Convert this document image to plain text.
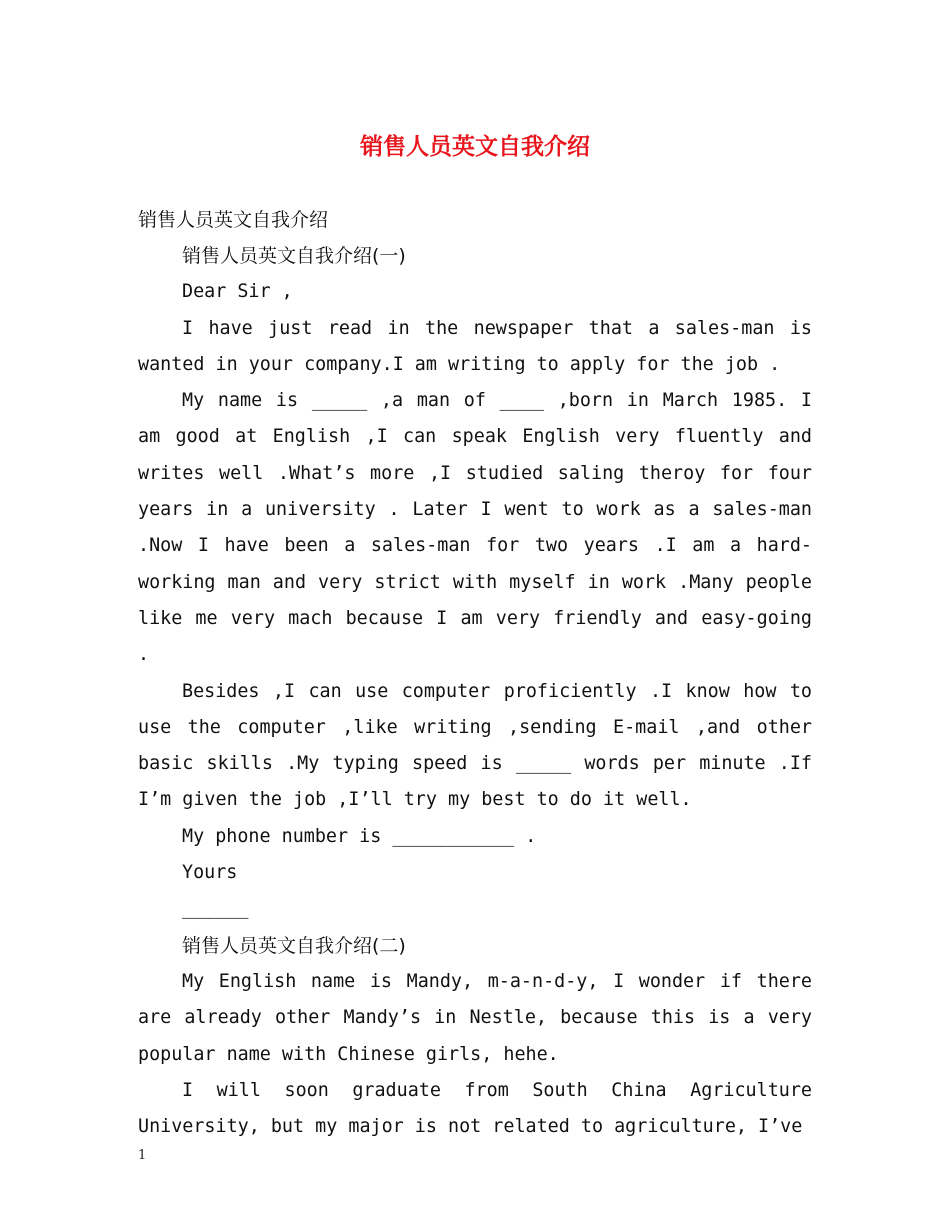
销售人员英文自我介绍
销售人员英文自我介绍

销售人员英文自我介绍(一)

Dear Sir ,

I have just read in the newspaper that a sales-man is wanted in your company.I am writing to apply for the job .

My name is _____ ,a man of ____ ,born in March 1985. I am good at English ,I can speak English very fluently and writes well .What’s more ,I studied saling theroy for four years in a university . Later I went to work as a sales-man .Now I have been a sales-man for two years .I am a hard-working man and very strict with myself in work .Many people like me very mach because I am very friendly and easy-going .

Besides ,I can use computer proficiently .I know how to use the computer ,like writing ,sending E-mail ,and other basic skills .My typing speed is _____ words per minute .If I’m given the job ,I’ll try my best to do it well.

My phone number is ___________ .

Yours

______

销售人员英文自我介绍(二)

My English name is Mandy, m-a-n-d-y, I wonder if there are already other Mandy’s in Nestle, because this is a very popular name with Chinese girls, hehe.

I will soon graduate from South China Agriculture University, but my major is not related to agriculture, I’ve

1
